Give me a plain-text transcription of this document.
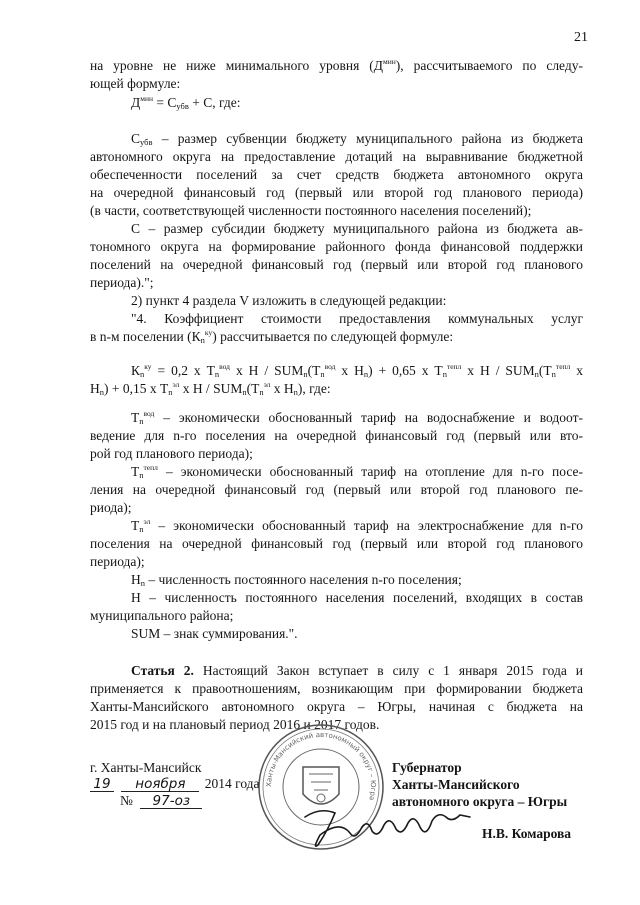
21
на уровне не ниже минимального уровня $(Д^{мин})$, рассчитываемого по следу-
ющей формуле:
$Д^{мин} = С_{убв} + С$, где:
$С_{убв}$ – размер субвенции бюджету муниципального района из бюджета
автономного округа на предоставление дотаций на выравнивание бюджетной
обеспеченности поселений за счет средств бюджета автономного округа
на очередной финансовый год (первый или второй год планового периода)
(в части, соответствующей численности постоянного населения поселений);
С – размер субсидии бюджету муниципального района из бюджета ав-
тономного округа на формирование районного фонда финансовой поддержки
поселений на очередной финансовый год (первый или второй год планового
периода).";
2) пункт 4 раздела V изложить в следующей редакции:
"4. Коэффициент стоимости предоставления коммунальных услуг
в n-м поселении $(К_n^{ку})$ рассчитывается по следующей формуле:
$К_n^{ку} = 0,2$ x $Т_n^{вод}$ x Н / $SUM_n(Т_n^{вод}$ x $Н_n) + 0,65$ x $Т_n^{тепл}$ x Н / $SUM_n(Т_n^{тепл}$ x
$Н_n) + 0,15$ x $Т_n^{эл}$ x Н / $SUM_n(Т_n^{эл}$ x $Н_n$), где:
$Т_n^{вод}$ – экономически обоснованный тариф на водоснабжение и водоот-
ведение для n-го поселения на очередной финансовый год (первый или вто-
рой год планового периода);
$Т_n^{тепл}$ – экономически обоснованный тариф на отопление для n-го посе-
ления на очередной финансовый год (первый или второй год планового пе-
риода);
$Т_n^{эл}$ – экономически обоснованный тариф на электроснабжение для n-го
поселения на очередной финансовый год (первый или второй год планового
периода);
$Н_n$ – численность постоянного населения n-го поселения;
Н – численность постоянного населения поселений, входящих в состав
муниципального района;
SUM – знак суммирования.".
Статья 2. Настоящий Закон вступает в силу с 1 января 2015 года и
применяется к правоотношениям, возникающим при формировании бюджета
Ханты-Мансийского автономного округа – Югры, начиная с бюджета на
2015 год и на плановый период 2016 и 2017 годов.
г. Ханты-Мансийск
19 ноября 2014 года
№ 97-оз
Ханты-Мансийский автономный округ – Югра
Губернатор
Ханты-Мансийского
автономного округа – Югры
Н.В. Комарова
